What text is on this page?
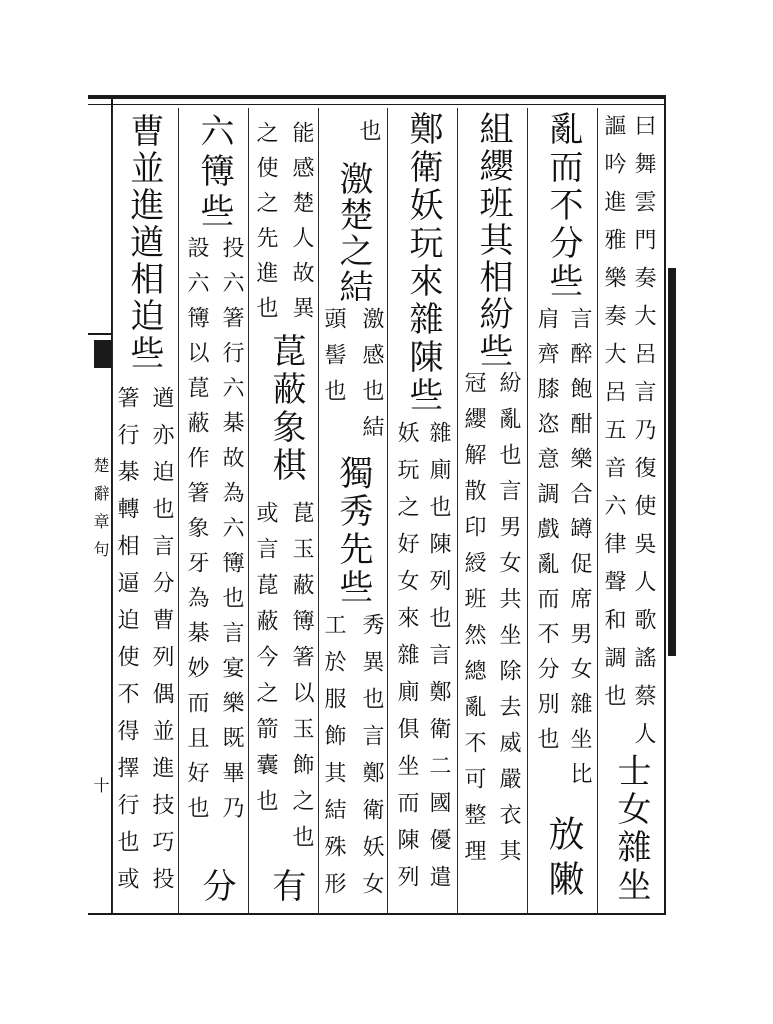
楚辭章句
十
曰舞雲門奏大呂言乃復使吳人歌謠蔡人
謳吟進雅樂奏大呂五音六律聲和調也
士女雜坐
亂而不分些
言醉飽酣樂合罇促席男女雜坐比
肩齊膝恣意調戲亂而不分別也
放敶
組纓班其相紛些
紛亂也言男女共坐除去威嚴衣其
冠纓解散印綬班然總亂不可整理
鄭衛妖玩來雜陳些
雜廁也陳列也言鄭衛二國優遣
妖玩之好女來雜廁俱坐而陳列
也
激楚之結
激感也結
頭髻也
獨秀先些
秀異也言鄭衛妖女
工於服飾其結殊形
能感楚人故異
之使之先進也
菎蔽象棋
菎玉蔽簙箸以玉飾之也
或言菎蔽今之箭囊也
有
六簙些
投六箸行六棊故為六簙也言宴樂既畢乃
設六簙以菎蔽作箸象牙為棊妙而且好也
分
曹並進遒相迫些
遒亦迫也言分曹列偶並進技巧投
箸行棊轉相逼迫使不得擇行也或
